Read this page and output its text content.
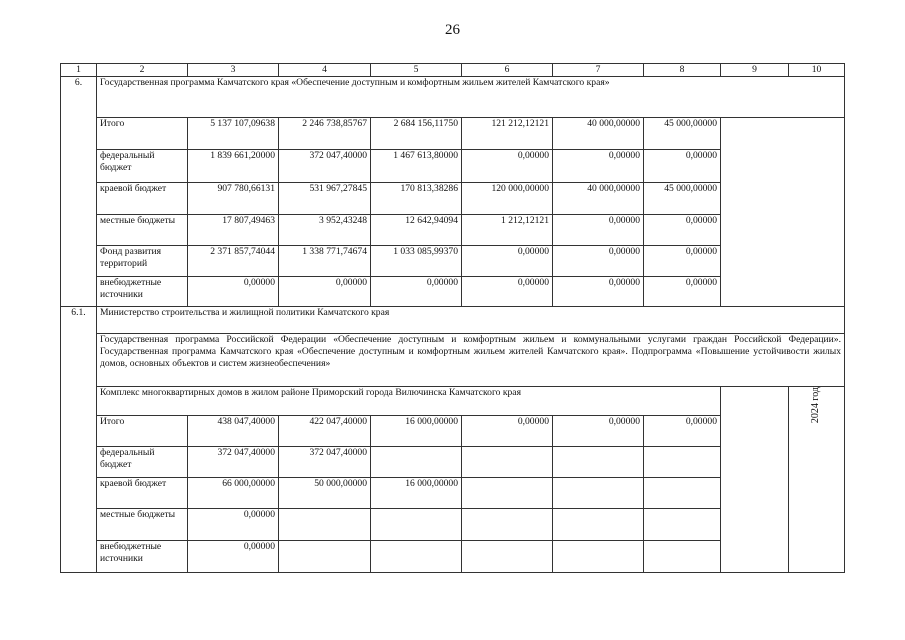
26
1	2	3	4	5	6	7	8	9	10
6.	Государственная программа Камчатского края «Обеспечение доступным и комфортным жильем жителей Камчатского края»								
	Итого	5 137 107,09638	2 246 738,85767	2 684 156,11750	121 212,12121	40 000,00000	45 000,00000		
	федеральный бюджет	1 839 661,20000	372 047,40000	1 467 613,80000	0,00000	0,00000	0,00000		
	краевой бюджет	907 780,66131	531 967,27845	170 813,38286	120 000,00000	40 000,00000	45 000,00000		
	местные бюджеты	17 807,49463	3 952,43248	12 642,94094	1 212,12121	0,00000	0,00000		
	Фонд развития территорий	2 371 857,74044	1 338 771,74674	1 033 085,99370	0,00000	0,00000	0,00000		
	внебюджетные источники	0,00000	0,00000	0,00000	0,00000	0,00000	0,00000		
6.1.	Министерство строительства и жилищной политики Камчатского края								
	Государственная программа Российской Федерации «Обеспечение доступным и комфортным жильем и коммунальными услугами граждан Российской Федерации». Государственная программа Камчатского края «Обеспечение доступным и комфортным жильем жителей Камчатского края». Подпрограмма «Повышение устойчивости жилых домов, основных объектов и систем жизнеобеспечения»								
	Комплекс многоквартирных домов в жилом районе Приморский города Вилючинска Камчатского края								2024 год

	Итого	438 047,40000	422 047,40000	16 000,00000	0,00000	0,00000	0,00000		
	федеральный бюджет	372 047,40000	372 047,40000						
	краевой бюджет	66 000,00000	50 000,00000	16 000,00000					
	местные бюджеты	0,00000							
	внебюджетные источники	0,00000							
